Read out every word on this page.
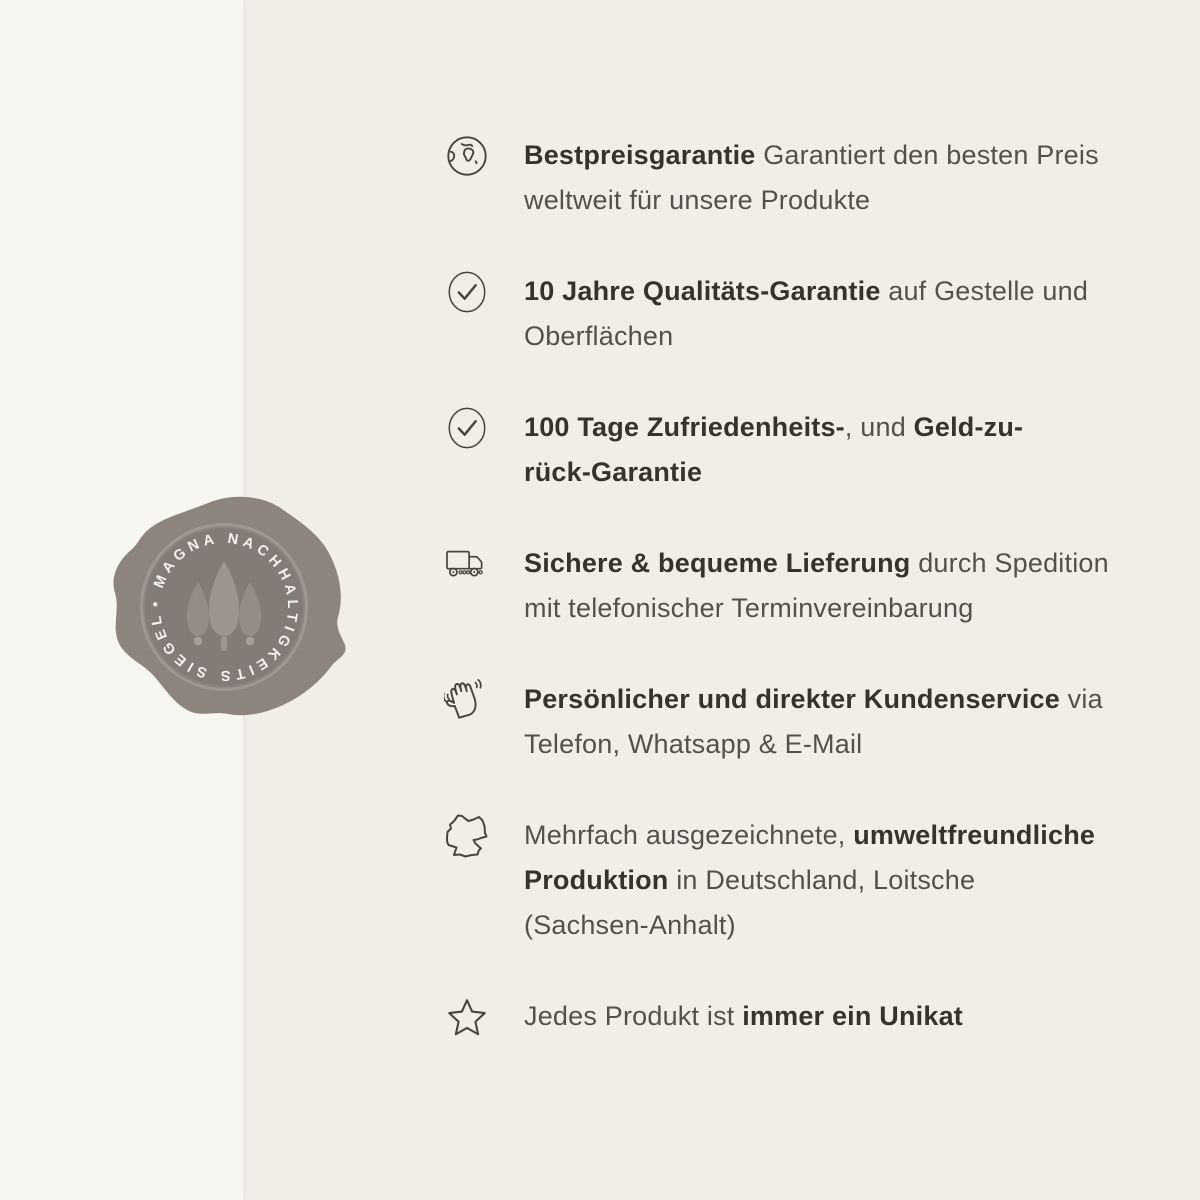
• MAGNA NACHHALTIGKEITS SIEGEL
Bestpreisgarantie Garantiert den besten Preis
weltweit für unsere Produkte
10 Jahre Qualitäts-Garantie auf Gestelle und
Oberflächen
100 Tage Zufriedenheits-, und Geld-zu-
rück-Garantie
Sichere & bequeme Lieferung durch Spedition
mit telefonischer Terminvereinbarung
Persönlicher und direkter Kundenservice via
Telefon, Whatsapp & E-Mail
Mehrfach ausgezeichnete, umweltfreundliche
Produktion in Deutschland, Loitsche
(Sachsen-Anhalt)
Jedes Produkt ist immer ein Unikat
